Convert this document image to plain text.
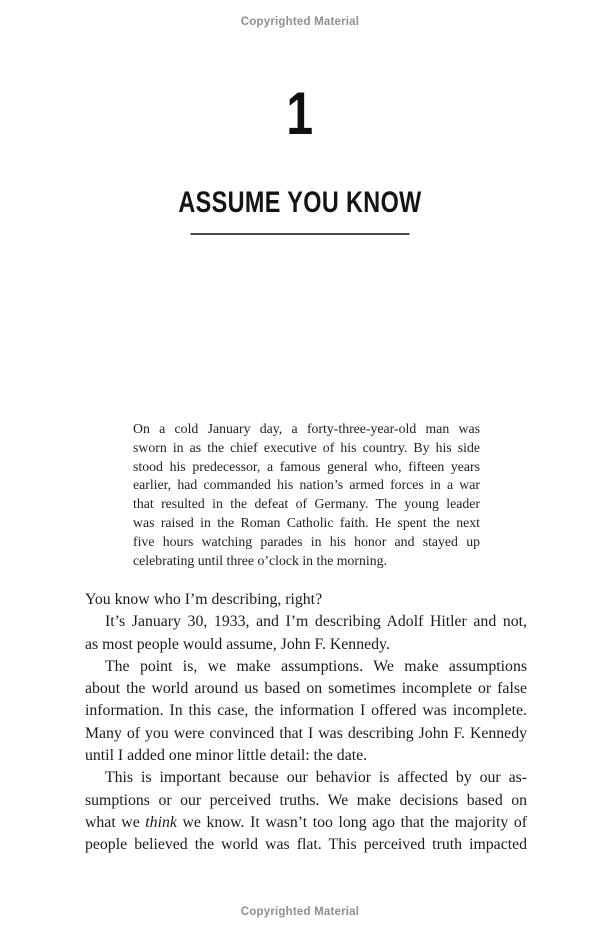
Copyrighted Material
1
ASSUME YOU KNOW
On a cold January day, a forty-three-year-old man was
sworn in as the chief executive of his country. By his side
stood his predecessor, a famous general who, fifteen years
earlier, had commanded his nation’s armed forces in a war
that resulted in the defeat of Germany. The young leader
was raised in the Roman Catholic faith. He spent the next
five hours watching parades in his honor and stayed up
celebrating until three o’clock in the morning.
You know who I’m describing, right?
It’s January 30, 1933, and I’m describing Adolf Hitler and not,
as most people would assume, John F. Kennedy.
The point is, we make assumptions. We make assumptions
about the world around us based on sometimes incomplete or false
information. In this case, the information I offered was incomplete.
Many of you were convinced that I was describing John F. Kennedy
until I added one minor little detail: the date.
This is important because our behavior is affected by our as-
sumptions or our perceived truths. We make decisions based on
what we think we know. It wasn’t too long ago that the majority of
people believed the world was flat. This perceived truth impacted
Copyrighted Material
